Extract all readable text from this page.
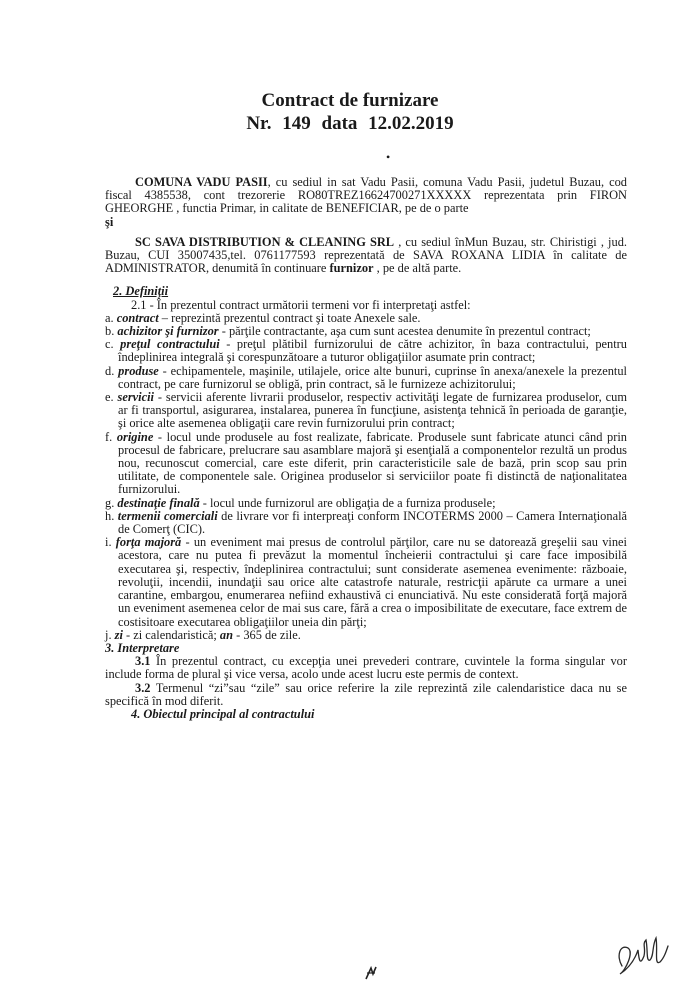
Contract de furnizare
Nr. 149 data 12.02.2019
•

COMUNA VADU PASII, cu sediul in sat Vadu Pasii, comuna Vadu Pasii, judetul Buzau, cod fiscal 4385538, cont trezorerie RO80TREZ16624700271XXXXX reprezentata prin FIRON GHEORGHE , functia Primar, in calitate de BENEFICIAR, pe de o parte

şi

SC SAVA DISTRIBUTION & CLEANING SRL , cu sediul înMun Buzau, str. Chiristigi , jud. Buzau, CUI 35007435,tel. 0761177593 reprezentată de SAVA ROXANA LIDIA în calitate de ADMINISTRATOR, denumită în continuare furnizor , pe de altă parte.

2. Definiţii

2.1 - În prezentul contract următorii termeni vor fi interpretaţi astfel:

a. contract – reprezintă prezentul contract şi toate Anexele sale.

b. achizitor şi furnizor - părţile contractante, aşa cum sunt acestea denumite în prezentul contract;

c. preţul contractului - preţul plătibil furnizorului de către achizitor, în baza contractului, pentru îndeplinirea integrală şi corespunzătoare a tuturor obligaţiilor asumate prin contract;

d. produse - echipamentele, maşinile, utilajele, orice alte bunuri, cuprinse în anexa/anexele la prezentul contract, pe care furnizorul se obligă, prin contract, să le furnizeze achizitorului;

e. servicii - servicii aferente livrarii produselor, respectiv activităţi legate de furnizarea produselor, cum ar fi transportul, asigurarea, instalarea, punerea în funcţiune, asistenţa tehnică în perioada de garanţie, şi orice alte asemenea obligaţii care revin furnizorului prin contract;

f. origine - locul unde produsele au fost realizate, fabricate. Produsele sunt fabricate atunci când prin procesul de fabricare, prelucrare sau asamblare majoră şi esenţială a componentelor rezultă un produs nou, recunoscut comercial, care este diferit, prin caracteristicile sale de bază, prin scop sau prin utilitate, de componentele sale. Originea produselor si serviciilor poate fi distinctă de naţionalitatea furnizorului.

g. destinaţie finală - locul unde furnizorul are obligaţia de a furniza produsele;

h. termenii comerciali de livrare vor fi interpreaţi conform INCOTERMS 2000 – Camera Internaţională de Comerţ (CIC).

i. forţa majoră - un eveniment mai presus de controlul părţilor, care nu se datorează greşelii sau vinei acestora, care nu putea fi prevăzut la momentul încheierii contractului şi care face imposibilă executarea şi, respectiv, îndeplinirea contractului; sunt considerate asemenea evenimente: războaie, revoluţii, incendii, inundaţii sau orice alte catastrofe naturale, restricţii apărute ca urmare a unei carantine, embargou, enumerarea nefiind exhaustivă ci enunciativă. Nu este considerată forţă majoră un eveniment asemenea celor de mai sus care, fără a crea o imposibilitate de executare, face extrem de costisitoare executarea obligaţiilor uneia din părţi;

j. zi - zi calendaristică; an - 365 de zile.

3. Interpretare

3.1 În prezentul contract, cu excepţia unei prevederi contrare, cuvintele la forma singular vor include forma de plural şi vice versa, acolo unde acest lucru este permis de context.

3.2 Termenul “zi”sau “zile” sau orice referire la zile reprezintă zile calendaristice daca nu se specifică în mod diferit.

4. Obiectul principal al contractului
